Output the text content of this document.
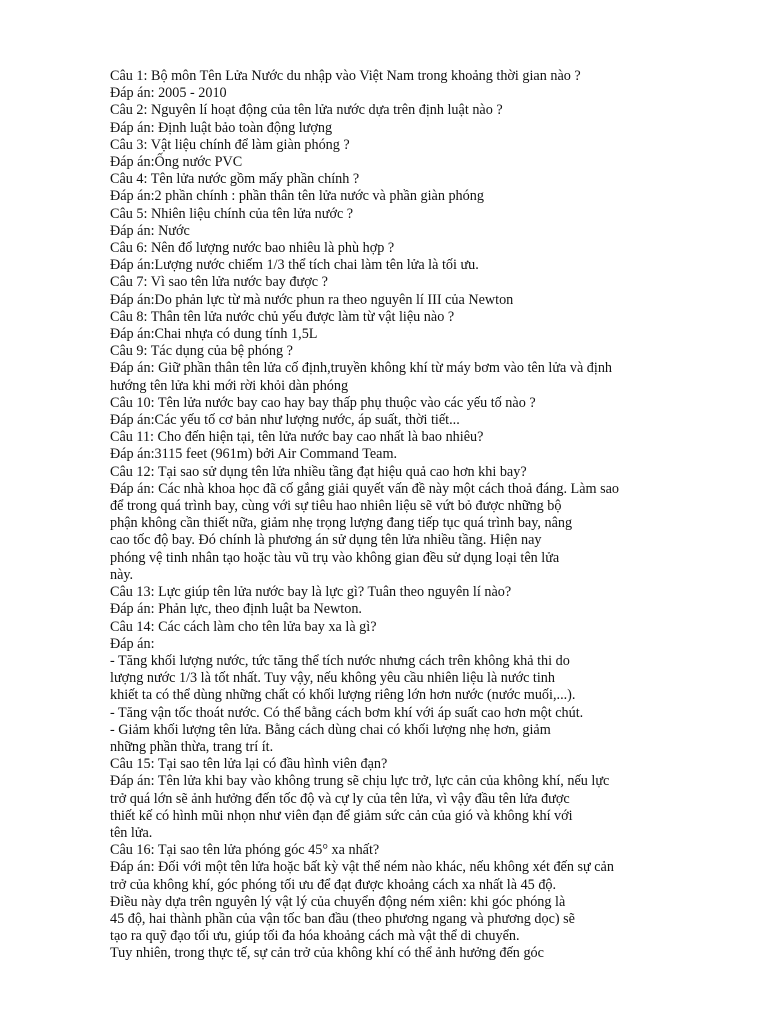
Câu 1: Bộ môn Tên Lửa Nước du nhập vào Việt Nam trong khoảng thời gian nào ?
Đáp án: 2005 - 2010
Câu 2: Nguyên lí hoạt động của tên lửa nước dựa trên định luật nào ?
Đáp án: Định luật bảo toàn động lượng
Câu 3: Vật liệu chính để làm giàn phóng ?
Đáp án:Ống nước PVC
Câu 4: Tên lửa nước gồm mấy phần chính ?
Đáp án:2 phần chính : phần thân tên lửa nước và phần giàn phóng
Câu 5: Nhiên liệu chính của tên lửa nước ?
Đáp án: Nước
Câu 6: Nên đổ lượng nước bao nhiêu là phù hợp ?
Đáp án:Lượng nước chiếm 1/3 thể tích chai làm tên lửa là tối ưu.
Câu 7: Vì sao tên lửa nước bay được ?
Đáp án:Do phản lực từ mà nước phun ra theo nguyên lí III của Newton
Câu 8: Thân tên lửa nước chủ yếu được làm từ vật liệu nào ?
Đáp án:Chai nhựa có dung tính 1,5L
Câu 9: Tác dụng của bệ phóng ?
Đáp án: Giữ phần thân tên lửa cố định,truyền không khí từ máy bơm vào tên lửa và định
hướng tên lửa khi mới rời khỏi dàn phóng
Câu 10: Tên lửa nước bay cao hay bay thấp phụ thuộc vào các yếu tố nào ?
Đáp án:Các yếu tố cơ bản như lượng nước, áp suất, thời tiết...
Câu 11: Cho đến hiện tại, tên lửa nước bay cao nhất là bao nhiêu?
Đáp án:3115 feet (961m) bởi Air Command Team.
Câu 12: Tại sao sử dụng tên lửa nhiều tầng đạt hiệu quả cao hơn khi bay?
Đáp án: Các nhà khoa học đã cố gắng giải quyết vấn đề này một cách thoả đáng. Làm sao
để trong quá trình bay, cùng với sự tiêu hao nhiên liệu sẽ vứt bỏ được những bộ
phận không cần thiết nữa, giảm nhẹ trọng lượng đang tiếp tục quá trình bay, nâng
cao tốc độ bay. Đó chính là phương án sử dụng tên lửa nhiều tầng. Hiện nay
phóng vệ tinh nhân tạo hoặc tàu vũ trụ vào không gian đều sử dụng loại tên lửa
này.
Câu 13: Lực giúp tên lửa nước bay là lực gì? Tuân theo nguyên lí nào?
Đáp án: Phản lực, theo định luật ba Newton.
Câu 14: Các cách làm cho tên lửa bay xa là gì?
Đáp án:
- Tăng khối lượng nước, tức tăng thể tích nước nhưng cách trên không khả thi do
lượng nước 1/3 là tốt nhất. Tuy vậy, nếu không yêu cầu nhiên liệu là nước tinh
khiết ta có thể dùng những chất có khối lượng riêng lớn hơn nước (nước muối,...).
- Tăng vận tốc thoát nước. Có thể bằng cách bơm khí với áp suất cao hơn một chút.
- Giảm khối lượng tên lửa. Bằng cách dùng chai có khối lượng nhẹ hơn, giảm
những phần thừa, trang trí ít.
Câu 15: Tại sao tên lửa lại có đầu hình viên đạn?
Đáp án: Tên lửa khi bay vào không trung sẽ chịu lực trở, lực cản của không khí, nếu lực
trở quá lớn sẽ ảnh hưởng đến tốc độ và cự ly của tên lửa, vì vậy đầu tên lửa được
thiết kế có hình mũi nhọn như viên đạn để giảm sức cản của gió và không khí với
tên lửa.
Câu 16: Tại sao tên lửa phóng góc 45° xa nhất?
Đáp án: Đối với một tên lửa hoặc bất kỳ vật thể ném nào khác, nếu không xét đến sự cản
trở của không khí, góc phóng tối ưu để đạt được khoảng cách xa nhất là 45 độ.
Điều này dựa trên nguyên lý vật lý của chuyển động ném xiên: khi góc phóng là
45 độ, hai thành phần của vận tốc ban đầu (theo phương ngang và phương dọc) sẽ
tạo ra quỹ đạo tối ưu, giúp tối đa hóa khoảng cách mà vật thể di chuyển.
Tuy nhiên, trong thực tế, sự cản trở của không khí có thể ảnh hưởng đến góc
